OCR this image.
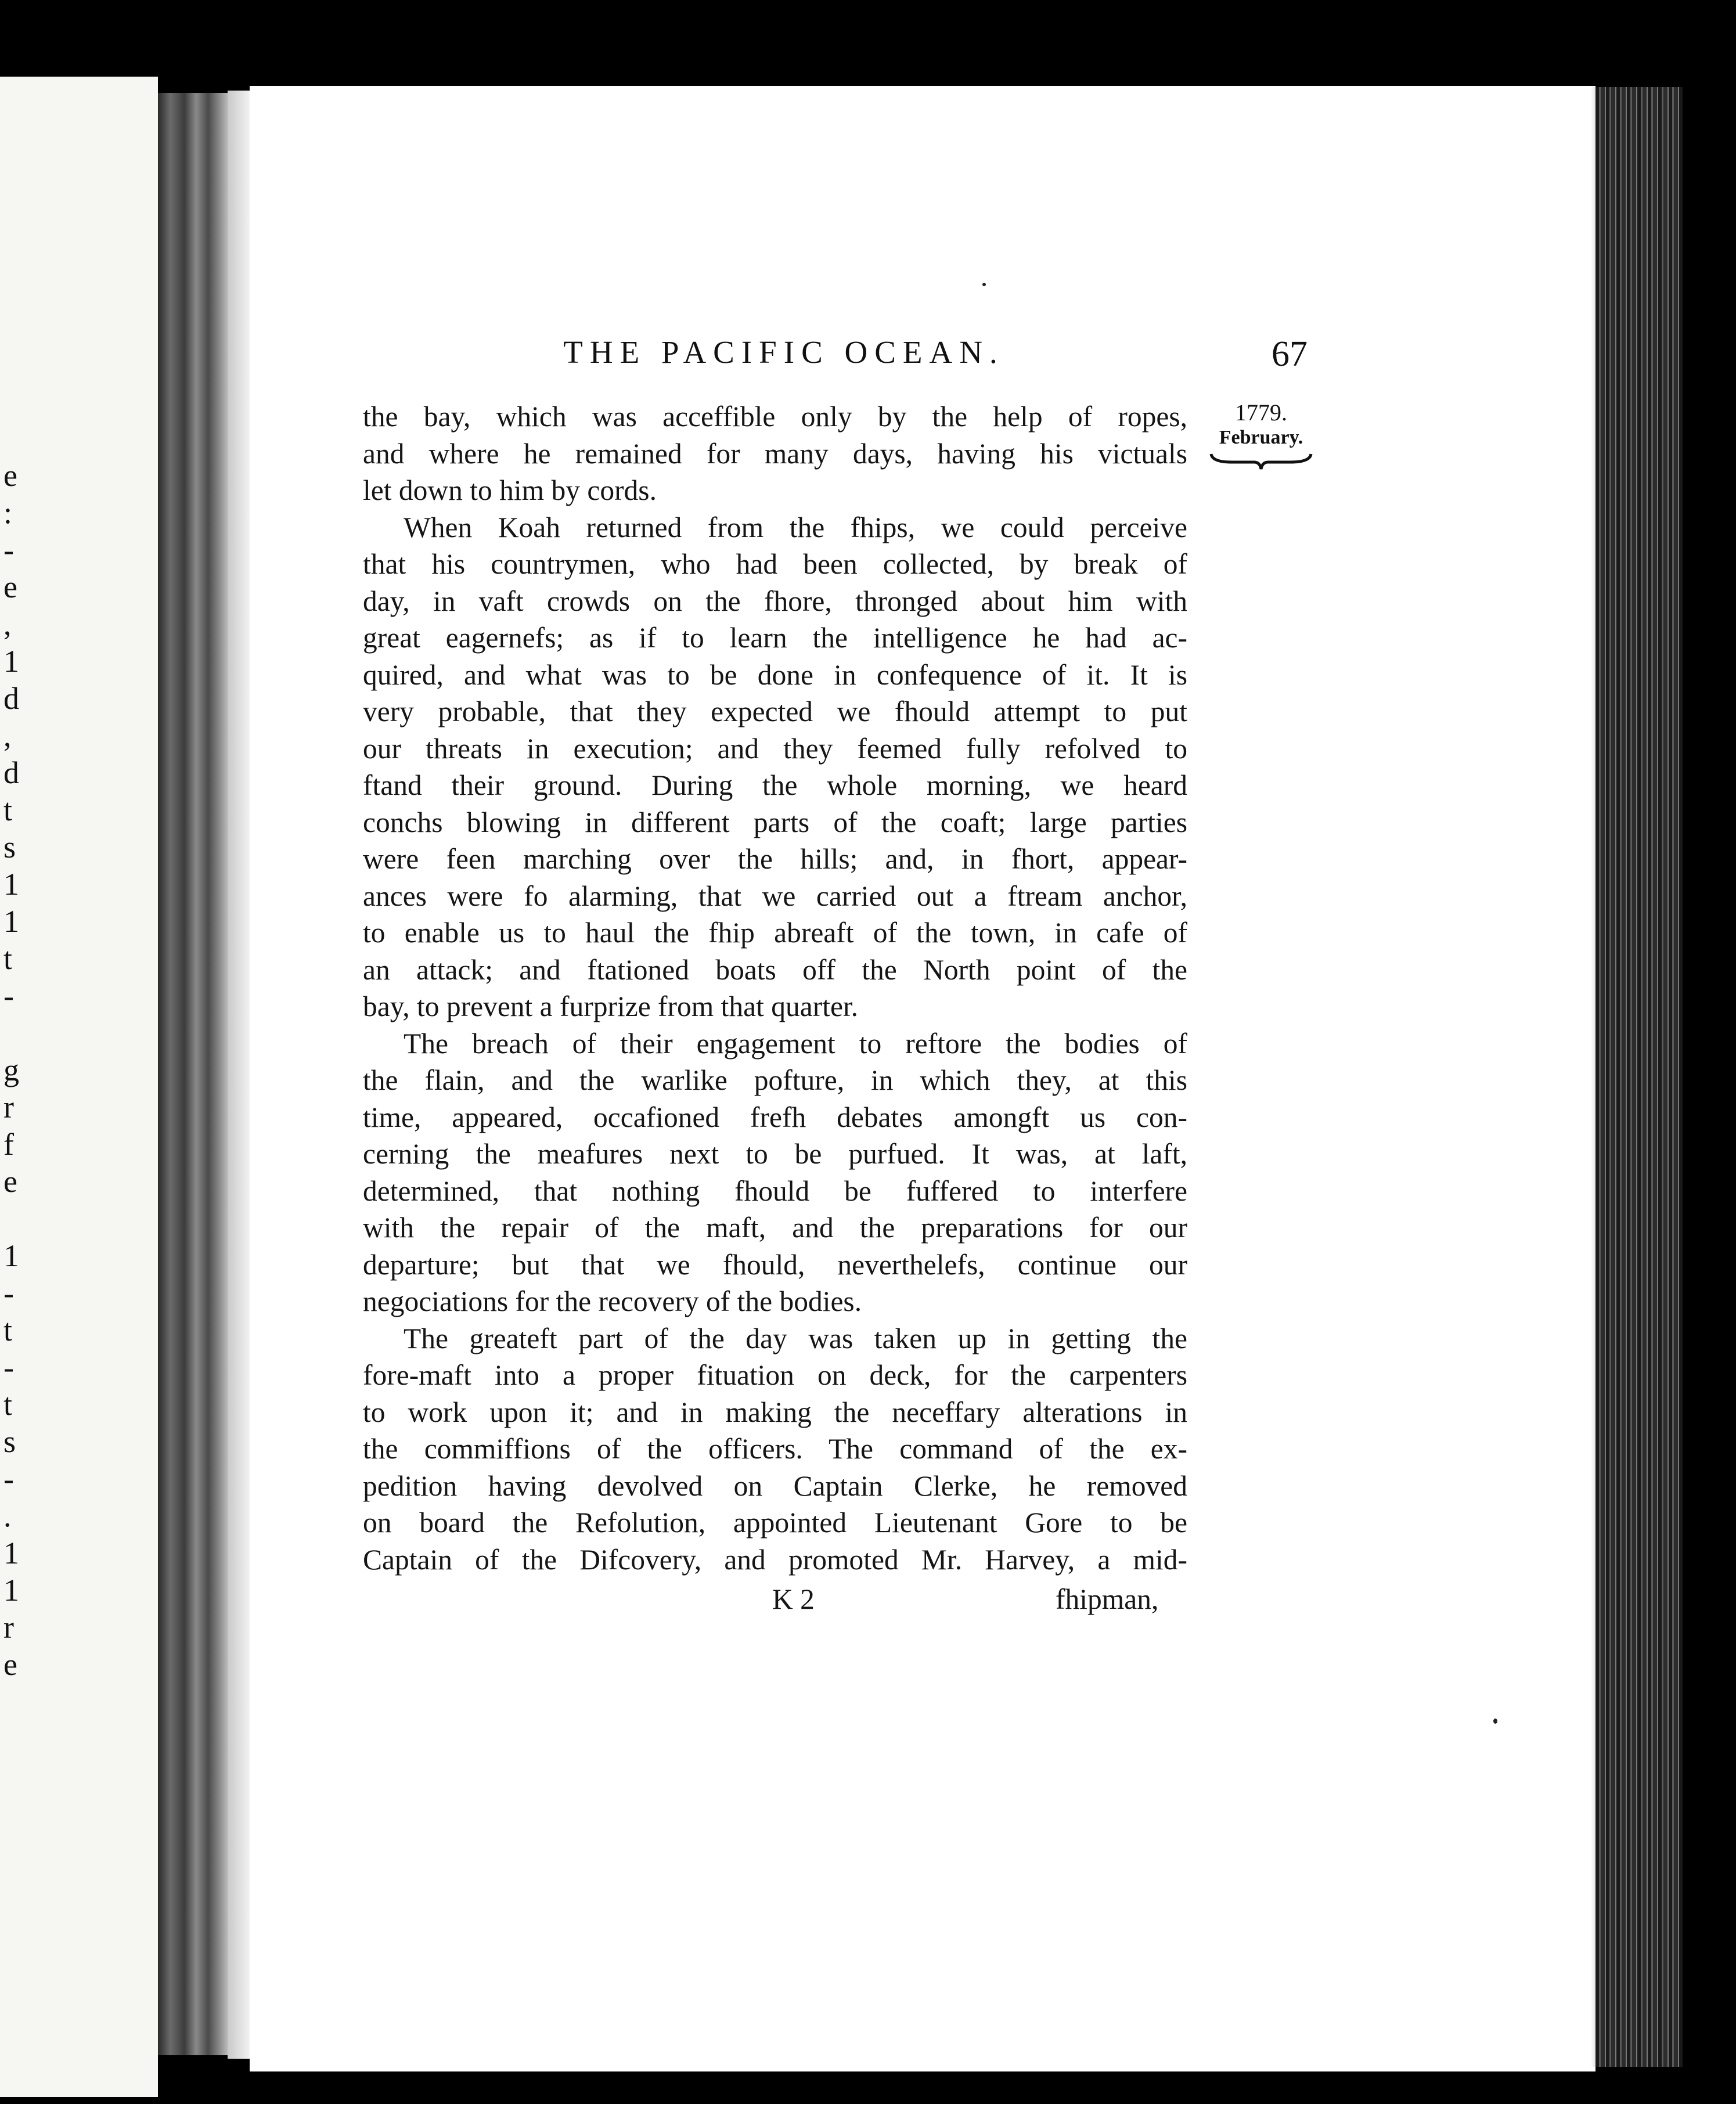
e
:
-
e
,
1
d
,
d
t
s
1
1
t
-
g
r
f
e
1
-
t
-
t
s
-
.
1
1
r
e
THE PACIFIC OCEAN.	67
1779.
February.
the bay, which was acceffible only by the help of ropes,
and where he remained for many days, having his victuals
let down to him by cords.
When Koah returned from the fhips, we could perceive
that his countrymen, who had been collected, by break of
day, in vaft crowds on the fhore, thronged about him with
great eagernefs; as if to learn the intelligence he had ac-
quired, and what was to be done in confequence of it. It is
very probable, that they expected we fhould attempt to put
our threats in execution; and they feemed fully refolved to
ftand their ground. During the whole morning, we heard
conchs blowing in different parts of the coaft; large parties
were feen marching over the hills; and, in fhort, appear-
ances were fo alarming, that we carried out a ftream anchor,
to enable us to haul the fhip abreaft of the town, in cafe of
an attack; and ftationed boats off the North point of the
bay, to prevent a furprize from that quarter.
The breach of their engagement to reftore the bodies of
the flain, and the warlike pofture, in which they, at this
time, appeared, occafioned frefh debates amongft us con-
cerning the meafures next to be purfued. It was, at laft,
determined, that nothing fhould be fuffered to interfere
with the repair of the maft, and the preparations for our
departure; but that we fhould, neverthelefs, continue our
negociations for the recovery of the bodies.
The greateft part of the day was taken up in getting the
fore-maft into a proper fituation on deck, for the carpenters
to work upon it; and in making the neceffary alterations in
the commiffions of the officers. The command of the ex-
pedition having devolved on Captain Clerke, he removed
on board the Refolution, appointed Lieutenant Gore to be
Captain of the Difcovery, and promoted Mr. Harvey, a mid-
K 2	fhipman,
